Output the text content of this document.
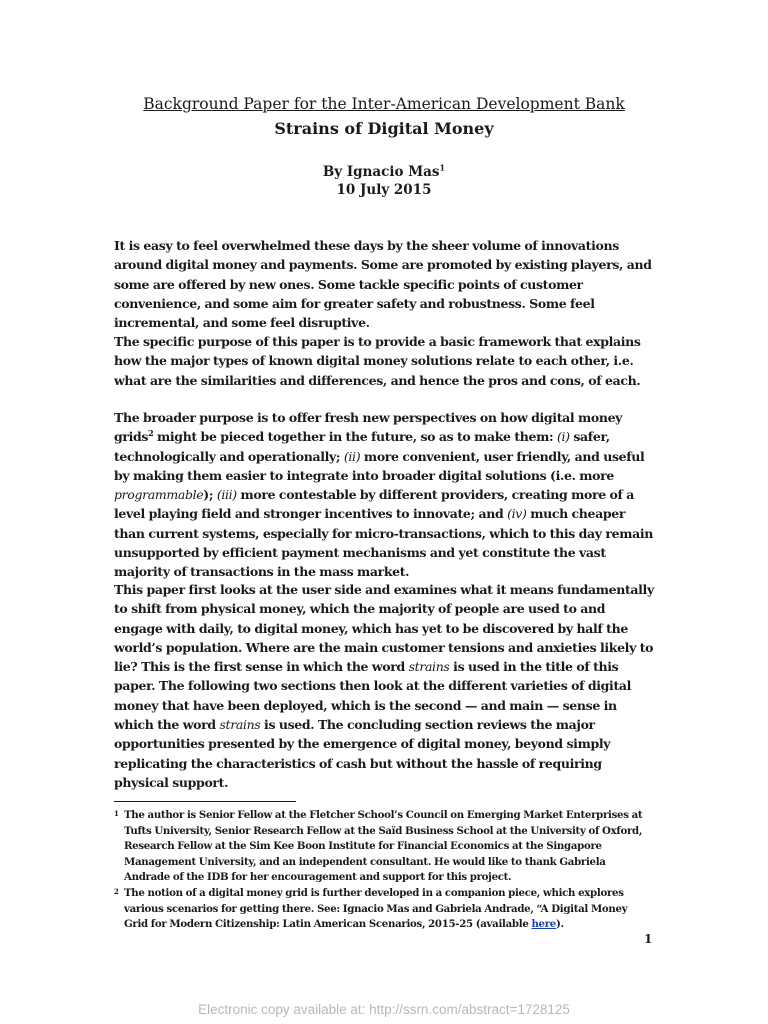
Background Paper for the Inter-American Development Bank
Strains of Digital Money
By Ignacio Mas$^1$
10 July 2015

It is easy to feel overwhelmed these days by the sheer volume of innovations around digital money and payments. Some are promoted by existing players, and some are offered by new ones. Some tackle specific points of customer convenience, and some aim for greater safety and robustness. Some feel incremental, and some feel disruptive.

The specific purpose of this paper is to provide a basic framework that explains how the major types of known digital money solutions relate to each other, i.e. what are the similarities and differences, and hence the pros and cons, of each.

The broader purpose is to offer fresh new perspectives on how digital money grids$^2$ might be pieced together in the future, so as to make them: (i) safer, technologically and operationally; (ii) more convenient, user friendly, and useful by making them easier to integrate into broader digital solutions (i.e. more programmable); (iii) more contestable by different providers, creating more of a level playing field and stronger incentives to innovate; and (iv) much cheaper than current systems, especially for micro-transactions, which to this day remain unsupported by efficient payment mechanisms and yet constitute the vast majority of transactions in the mass market.

This paper first looks at the user side and examines what it means fundamentally to shift from physical money, which the majority of people are used to and engage with daily, to digital money, which has yet to be discovered by half the world’s population. Where are the main customer tensions and anxieties likely to lie? This is the first sense in which the word strains is used in the title of this paper. The following two sections then look at the different varieties of digital money that have been deployed, which is the second — and main — sense in which the word strains is used. The concluding section reviews the major opportunities presented by the emergence of digital money, beyond simply replicating the characteristics of cash but without the hassle of requiring physical support.

1 The author is Senior Fellow at the Fletcher School’s Council on Emerging Market Enterprises at Tufts University, Senior Research Fellow at the Saïd Business School at the University of Oxford, Research Fellow at the Sim Kee Boon Institute for Financial Economics at the Singapore Management University, and an independent consultant. He would like to thank Gabriela Andrade of the IDB for her encouragement and support for this project.
2 The notion of a digital money grid is further developed in a companion piece, which explores various scenarios for getting there. See: Ignacio Mas and Gabriela Andrade, “A Digital Money Grid for Modern Citizenship: Latin American Scenarios, 2015-25 (available here).
1
Electronic copy available at: http://ssrn.com/abstract=1728125
